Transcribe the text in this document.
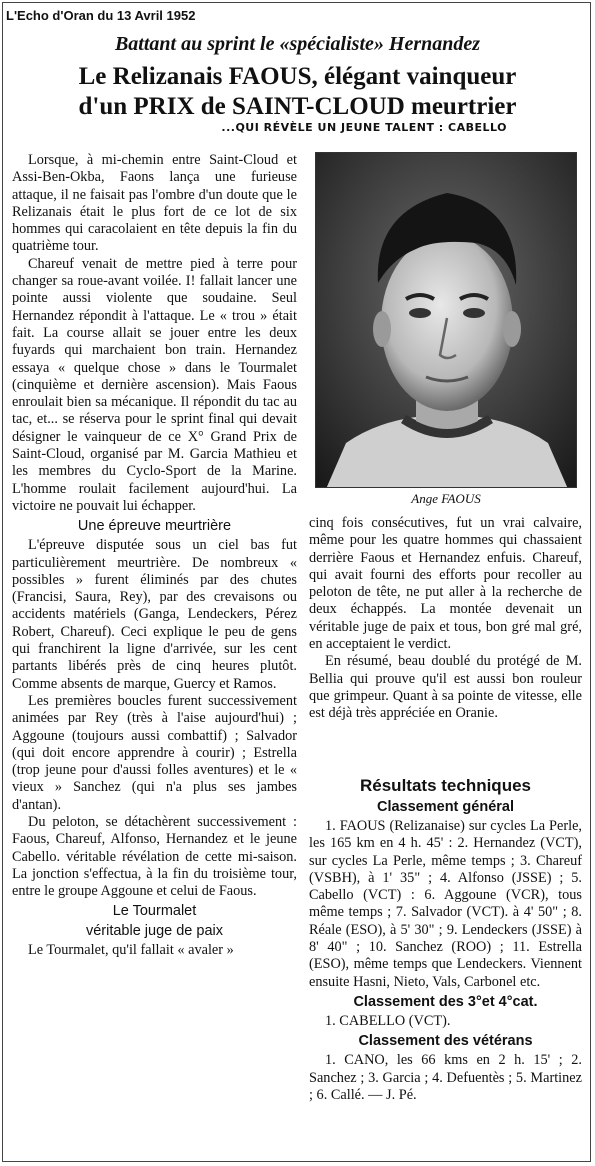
L'Echo d'Oran du 13 Avril 1952
Battant au sprint le «spécialiste» Hernandez
Le Relizanais FAOUS, élégant vainqueur
d'un PRIX de SAINT-CLOUD meurtrier
...QUI RÉVÈLE UN JEUNE TALENT : CABELLO

Lorsque, à mi-chemin entre Saint-Cloud et Assi-Ben-Okba, Faons lança une furieuse attaque, il ne faisait pas l'ombre d'un doute que le Relizanais était le plus fort de ce lot de six hommes qui caracolaient en tête depuis la fin du quatrième tour.

Chareuf venait de mettre pied à terre pour changer sa roue-avant voilée. I! fallait lancer une pointe aussi violente que soudaine. Seul Hernandez répondit à l'attaque. Le « trou » était fait. La course allait se jouer entre les deux fuyards qui marchaient bon train. Hernandez essaya « quelque chose » dans le Tourmalet (cinquième et dernière ascension). Mais Faous enroulait bien sa mécanique. Il répondit du tac au tac, et... se réserva pour le sprint final qui devait désigner le vainqueur de ce X° Grand Prix de Saint-Cloud, organisé par M. Garcia Mathieu et les membres du Cyclo-Sport de la Marine. L'homme roulait facilement aujourd'hui. La victoire ne pouvait lui échapper.

Une épreuve meurtrière

L'épreuve disputée sous un ciel bas fut particulièrement meurtrière. De nombreux « possibles » furent éliminés par des chutes (Francisi, Saura, Rey), par des crevaisons ou accidents matériels (Ganga, Lendeckers, Pérez Robert, Chareuf). Ceci explique le peu de gens qui franchirent la ligne d'arrivée, sur les cent partants libérés près de cinq heures plutôt. Comme absents de marque, Guercy et Ramos.

Les premières boucles furent successivement animées par Rey (très à l'aise aujourd'hui) ; Aggoune (toujours aussi combattif) ; Salvador (qui doit encore apprendre à courir) ; Estrella (trop jeune pour d'aussi folles aventures) et le « vieux » Sanchez (qui n'a plus ses jambes d'antan).

Du peloton, se détachèrent successivement : Faous, Chareuf, Alfonso, Hernandez et le jeune Cabello. véritable révélation de cette mi-saison. La jonction s'effectua, à la fin du troisième tour, entre le groupe Aggoune et celui de Faous.

Le Tourmalet
véritable juge de paix

Le Tourmalet, qu'il fallait « avaler »

Ange FAOUS

cinq fois consécutives, fut un vrai calvaire, même pour les quatre hommes qui chassaient derrière Faous et Hernandez enfuis. Chareuf, qui avait fourni des efforts pour recoller au peloton de tête, ne put aller à la recherche de deux échappés. La montée devenait un véritable juge de paix et tous, bon gré mal gré, en acceptaient le verdict.

En résumé, beau doublé du protégé de M. Bellia qui prouve qu'il est aussi bon rouleur que grimpeur. Quant à sa pointe de vitesse, elle est déjà très appréciée en Oranie.

Résultats techniques
Classement général

1. FAOUS (Relizanaise) sur cycles La Perle, les 165 km en 4 h. 45' : 2. Hernandez (VCT), sur cycles La Perle, même temps ; 3. Chareuf (VSBH), à 1' 35" ; 4. Alfonso (JSSE) ; 5. Cabello (VCT) : 6. Aggoune (VCR), tous même temps ; 7. Salvador (VCT). à 4' 50" ; 8. Réale (ESO), à 5' 30" ; 9. Lendeckers (JSSE) à 8' 40" ; 10. Sanchez (ROO) ; 11. Estrella (ESO), même temps que Lendeckers. Viennent ensuite Hasni, Nieto, Vals, Carbonel etc.

Classement des 3°et 4°cat.

1. CABELLO (VCT).

Classement des vétérans

1. CANO, les 66 kms en 2 h. 15' ; 2. Sanchez ; 3. Garcia ; 4. Defuentès ; 5. Martinez ; 6. Callé. — J. Pé.
